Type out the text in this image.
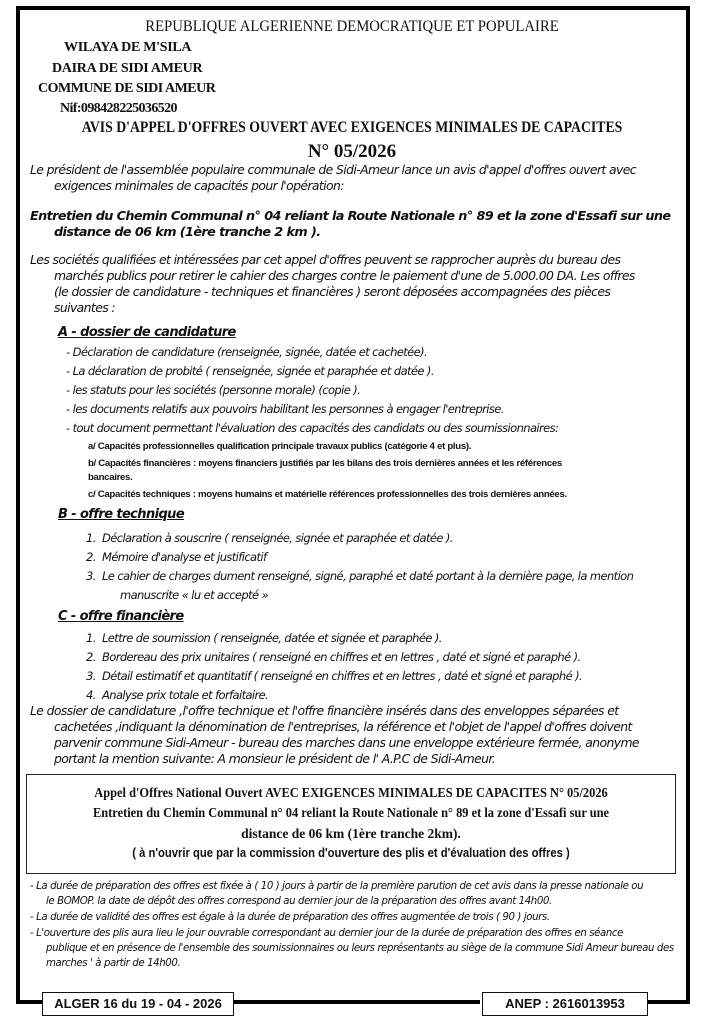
REPUBLIQUE ALGERIENNE DEMOCRATIQUE ET POPULAIRE
WILAYA DE M'SILA
DAIRA DE SIDI AMEUR
COMMUNE DE SIDI AMEUR
Nif:098428225036520
AVIS D'APPEL D'OFFRES OUVERT AVEC EXIGENCES MINIMALES DE CAPACITES
N° 05/2026
Le président de l'assemblée populaire communale de Sidi-Ameur lance un avis d'appel d'offres ouvert avec
exigences minimales de capacités pour l'opération:
Entretien du Chemin Communal n° 04 reliant la Route Nationale n° 89 et la zone d'Essafi sur une
distance de 06 km (1ère tranche 2 km ).
Les sociétés qualifiées et intéressées par cet appel d'offres peuvent se rapprocher auprès du bureau des
marchés publics pour retirer le cahier des charges contre le paiement d'une de 5.000.00 DA. Les offres
(le dossier de candidature - techniques et financières ) seront déposées accompagnées des pièces
suivantes :
A - dossier de candidature
- Déclaration de candidature (renseignée, signée, datée et cachetée).
- La déclaration de probité ( renseignée, signée et paraphée et datée ).
- les statuts pour les sociétés (personne morale) (copie ).
- les documents relatifs aux pouvoirs habilitant les personnes à engager l'entreprise.
- tout document permettant l'évaluation des capacités des candidats ou des soumissionnaires:
a/ Capacités professionnelles qualification principale travaux publics (catégorie 4 et plus).
b/ Capacités financières : moyens financiers justifiés par les bilans des trois dernières années et les références
bancaires.
c/ Capacités techniques : moyens humains et matérielle références professionnelles des trois dernières années.
B - offre technique
1. Déclaration à souscrire ( renseignée, signée et paraphée et datée ).
2. Mémoire d'analyse et justificatif
3. Le cahier de charges dument renseigné, signé, paraphé et daté portant à la dernière page, la mention
manuscrite « lu et accepté »
C - offre financière
1. Lettre de soumission ( renseignée, datée et signée et paraphée ).
2. Bordereau des prix unitaires ( renseigné en chiffres et en lettres , daté et signé et paraphé ).
3. Détail estimatif et quantitatif ( renseigné en chiffres et en lettres , daté et signé et paraphé ).
4. Analyse prix totale et forfaitaire.
Le dossier de candidature ,l'offre technique et l'offre financière insérés dans des enveloppes séparées et
cachetées ,indiquant la dénomination de l'entreprises, la référence et l'objet de l'appel d'offres doivent
parvenir commune Sidi-Ameur - bureau des marches dans une enveloppe extérieure fermée, anonyme
portant la mention suivante: A monsieur le président de l' A.P.C de Sidi-Ameur.
Appel d'Offres National Ouvert AVEC EXIGENCES MINIMALES DE CAPACITES N° 05/2026
Entretien du Chemin Communal n° 04 reliant la Route Nationale n° 89 et la zone d'Essafi sur une
distance de 06 km (1ère tranche 2km).
( à n'ouvrir que par la commission d'ouverture des plis et d'évaluation des offres )
- La durée de préparation des offres est fixée à ( 10 ) jours à partir de la première parution de cet avis dans la presse nationale ou
le BOMOP. la date de dépôt des offres correspond au dernier jour de la préparation des offres avant 14h00.
- La durée de validité des offres est égale à la durée de préparation des offres augmentée de trois ( 90 ) jours.
- L'ouverture des plis aura lieu le jour ouvrable correspondant au dernier jour de la durée de préparation des offres en séance
publique et en présence de l'ensemble des soumissionnaires ou leurs représentants au siège de la commune Sidi Ameur bureau des marches ' à partir de 14h00.
ALGER 16 du 19 - 04 - 2026	ANEP : 2616013953
